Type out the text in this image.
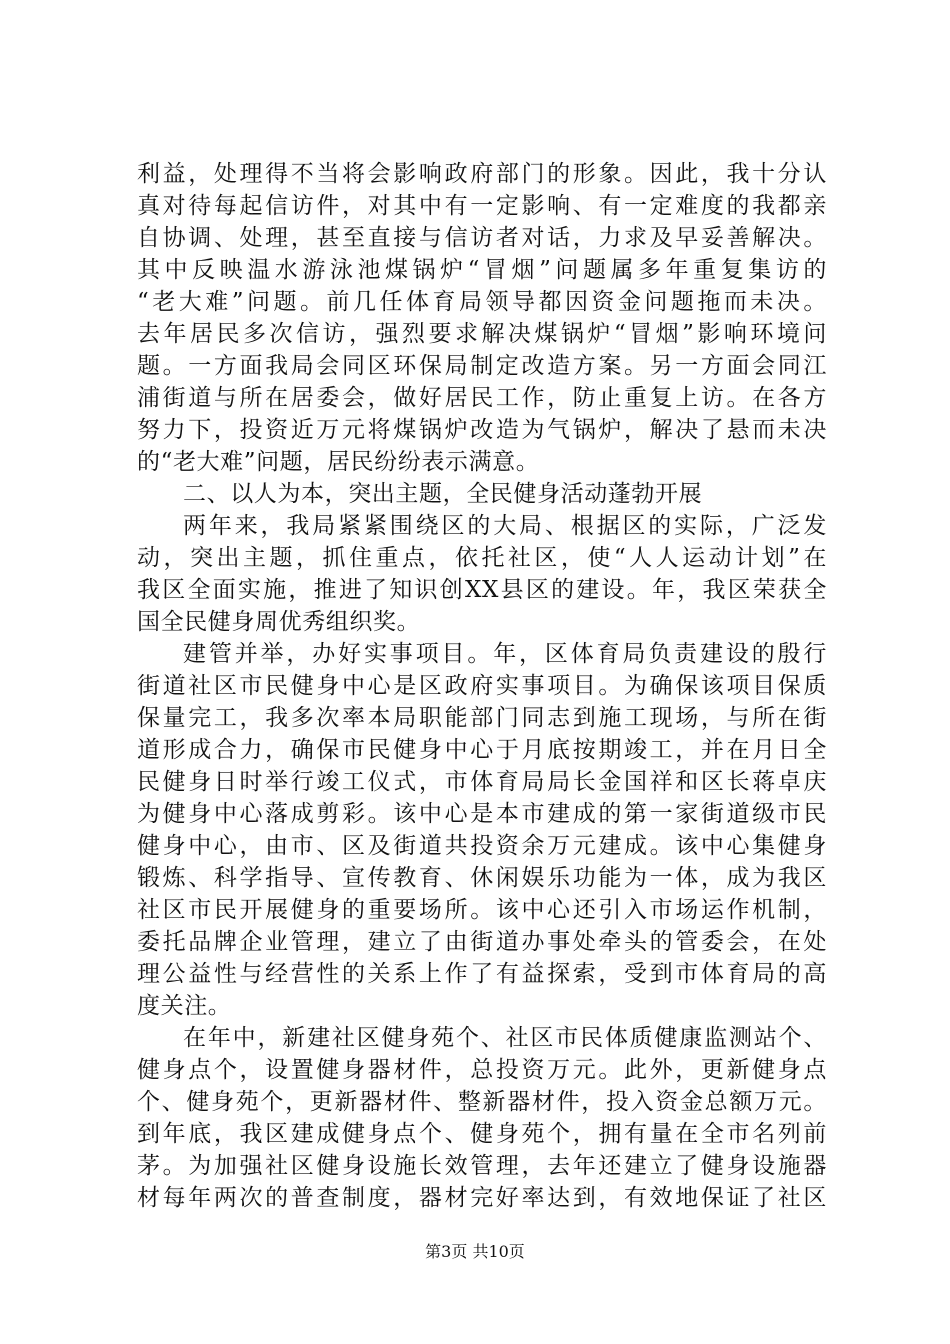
利益，处理得不当将会影响政府部门的形象。因此，我十分认
真对待每起信访件，对其中有一定影响、有一定难度的我都亲
自协调、处理，甚至直接与信访者对话，力求及早妥善解决。
其中反映温水游泳池煤锅炉“冒烟”问题属多年重复集访的
“老大难”问题。前几任体育局领导都因资金问题拖而未决。
去年居民多次信访，强烈要求解决煤锅炉“冒烟”影响环境问
题。一方面我局会同区环保局制定改造方案。另一方面会同江
浦街道与所在居委会，做好居民工作，防止重复上访。在各方
努力下，投资近万元将煤锅炉改造为气锅炉，解决了悬而未决
的“老大难”问题，居民纷纷表示满意。
二、以人为本，突出主题，全民健身活动蓬勃开展
两年来，我局紧紧围绕区的大局、根据区的实际，广泛发
动，突出主题，抓住重点，依托社区，使“人人运动计划”在
我区全面实施，推进了知识创XX县区的建设。年，我区荣获全
国全民健身周优秀组织奖。
建管并举，办好实事项目。年，区体育局负责建设的殷行
街道社区市民健身中心是区政府实事项目。为确保该项目保质
保量完工，我多次率本局职能部门同志到施工现场，与所在街
道形成合力，确保市民健身中心于月底按期竣工，并在月日全
民健身日时举行竣工仪式，市体育局局长金国祥和区长蒋卓庆
为健身中心落成剪彩。该中心是本市建成的第一家街道级市民
健身中心，由市、区及街道共投资余万元建成。该中心集健身
锻炼、科学指导、宣传教育、休闲娱乐功能为一体，成为我区
社区市民开展健身的重要场所。该中心还引入市场运作机制，
委托品牌企业管理，建立了由街道办事处牵头的管委会，在处
理公益性与经营性的关系上作了有益探索，受到市体育局的高
度关注。
在年中，新建社区健身苑个、社区市民体质健康监测站个、
健身点个，设置健身器材件，总投资万元。此外，更新健身点
个、健身苑个，更新器材件、整新器材件，投入资金总额万元。
到年底，我区建成健身点个、健身苑个，拥有量在全市名列前
茅。为加强社区健身设施长效管理，去年还建立了健身设施器
材每年两次的普查制度，器材完好率达到，有效地保证了社区
第3页 共10页
